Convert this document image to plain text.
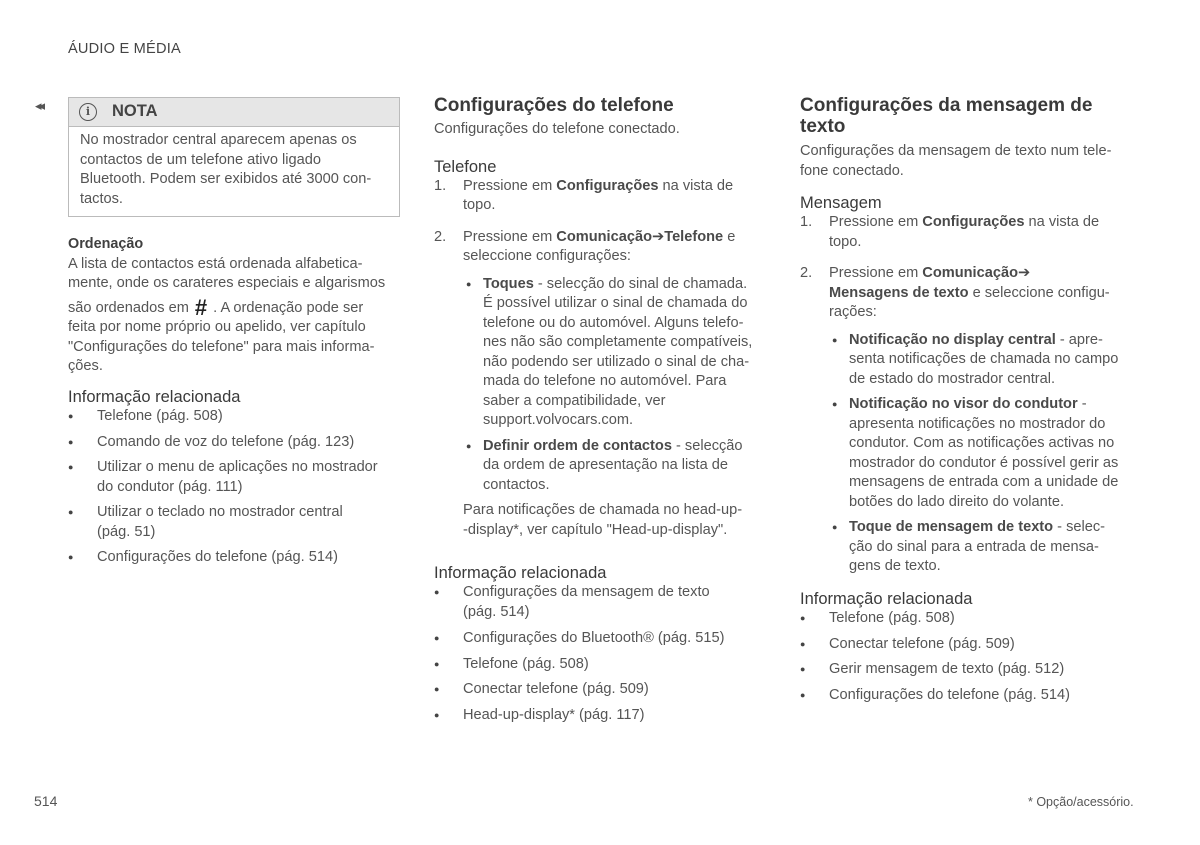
ÁUDIO E MÉDIA
◂◂	i	NOTA
No mostrador central aparecem apenas os
contactos de um telefone ativo ligado
Bluetooth. Podem ser exibidos até 3000 con-
tactos.
Ordenação
A lista de contactos está ordenada alfabetica-
mente, onde os carateres especiais e algarismos
são ordenados em # . A ordenação pode ser
feita por nome próprio ou apelido, ver capítulo
"Configurações do telefone" para mais informa-
ções.
Informação relacionada
● Telefone (pág. 508)
● Comando de voz do telefone (pág. 123)
● Utilizar o menu de aplicações no mostrador
do condutor (pág. 111)
● Utilizar o teclado no mostrador central
(pág. 51)
● Configurações do telefone (pág. 514)
Configurações do telefone
Configurações do telefone conectado.
Telefone
1. Pressione em Configurações na vista de
topo.
2. Pressione em Comunicação➔Telefone e
seleccione configurações:
● Toques - selecção do sinal de chamada.
É possível utilizar o sinal de chamada do
telefone ou do automóvel. Alguns telefo-
nes não são completamente compatíveis,
não podendo ser utilizado o sinal de cha-
mada do telefone no automóvel. Para
saber a compatibilidade, ver
support.volvocars.com.
● Definir ordem de contactos - selecção
da ordem de apresentação na lista de
contactos.
Para notificações de chamada no head-up-
-display*, ver capítulo "Head-up-display".
Informação relacionada
● Configurações da mensagem de texto
(pág. 514)
● Configurações do Bluetooth® (pág. 515)
● Telefone (pág. 508)
● Conectar telefone (pág. 509)
● Head-up-display* (pág. 117)
Configurações da mensagem de
texto
Configurações da mensagem de texto num tele-
fone conectado.
Mensagem
1. Pressione em Configurações na vista de
topo.
2. Pressione em Comunicação➔
Mensagens de texto e seleccione configu-
rações:
● Notificação no display central - apre-
senta notificações de chamada no campo
de estado do mostrador central.
● Notificação no visor do condutor -
apresenta notificações no mostrador do
condutor. Com as notificações activas no
mostrador do condutor é possível gerir as
mensagens de entrada com a unidade de
botões do lado direito do volante.
● Toque de mensagem de texto - selec-
ção do sinal para a entrada de mensa-
gens de texto.
Informação relacionada
● Telefone (pág. 508)
● Conectar telefone (pág. 509)
● Gerir mensagem de texto (pág. 512)
● Configurações do telefone (pág. 514)
514	* Opção/acessório.
